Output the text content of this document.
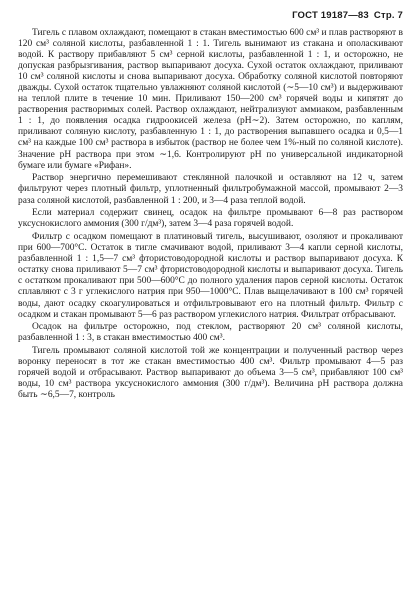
ГОСТ 19187—83 Стр. 7

Тигель с плавом охлаждают, помещают в стакан вместимостью 600 см³ и плав растворяют в 120 см³ соляной кислоты, разбавленной 1 : 1. Тигель вынимают из стакана и ополаскивают водой. К раствору прибавляют 5 см³ серной кислоты, разбавленной 1 : 1, и осторожно, не допуская разбрызгивания, раствор выпаривают досуха. Сухой остаток охлаждают, приливают 10 см³ соляной кислоты и снова выпаривают досуха. Обработку соляной кислотой повторяют дважды. Сухой остаток тщательно увлажняют соляной кислотой (∼5—10 см³) и выдерживают на теплой плите в течение 10 мин. Приливают 150—200 см³ горячей воды и кипятят до растворения растворимых солей. Раствор охлаждают, нейтрализуют аммиаком, разбавленным 1 : 1, до появления осадка гидроокисей железа (рН∼2). Затем осторожно, по каплям, приливают соляную кислоту, разбавленную 1 : 1, до растворения выпавшего осадка и 0,5—1 см³ на каждые 100 см³ раствора в избыток (раствор не более чем 1%-ный по соляной кислоте). Значение рН раствора при этом ∼1,6. Контролируют рН по универсальной индикаторной бумаге или бумаге «Рифан».

Раствор энергично перемешивают стеклянной палочкой и оставляют на 12 ч, затем фильтруют через плотный фильтр, уплотненный фильтробумажной массой, промывают 2—3 раза соляной кислотой, разбавленной 1 : 200, и 3—4 раза теплой водой.

Если материал содержит свинец, осадок на фильтре промывают 6—8 раз раствором уксуснокислого аммония (300 г/дм³), затем 3—4 раза горячей водой.

Фильтр с осадком помещают в платиновый тигель, высушивают, озоляют и прокаливают при 600—700°С. Остаток в тигле смачивают водой, приливают 3—4 капли серной кислоты, разбавленной 1 : 1,5—7 см³ фтористоводородной кислоты и раствор выпаривают досуха. К остатку снова приливают 5—7 см³ фтористоводородной кислоты и выпаривают досуха. Тигель с остатком прокаливают при 500—600°С до полного удаления паров серной кислоты. Остаток сплавляют с 3 г углекислого натрия при 950—1000°С. Плав выщелачивают в 100 см³ горячей воды, дают осадку скоагулироваться и отфильтровывают его на плотный фильтр. Фильтр с осадком и стакан промывают 5—6 раз раствором углекислого натрия. Фильтрат отбрасывают.

Осадок на фильтре осторожно, под стеклом, растворяют 20 см³ соляной кислоты, разбавленной 1 : 3, в стакан вместимостью 400 см³.

Тигель промывают соляной кислотой той же концентрации и полученный раствор через воронку переносят в тот же стакан вместимостью 400 см³. Фильтр промывают 4—5 раз горячей водой и отбрасывают. Раствор выпаривают до объема 3—5 см³, прибавляют 100 см³ воды, 10 см³ раствора уксуснокислого аммония (300 г/дм³). Величина рН раствора должна быть ∼6,5—7, контроль
